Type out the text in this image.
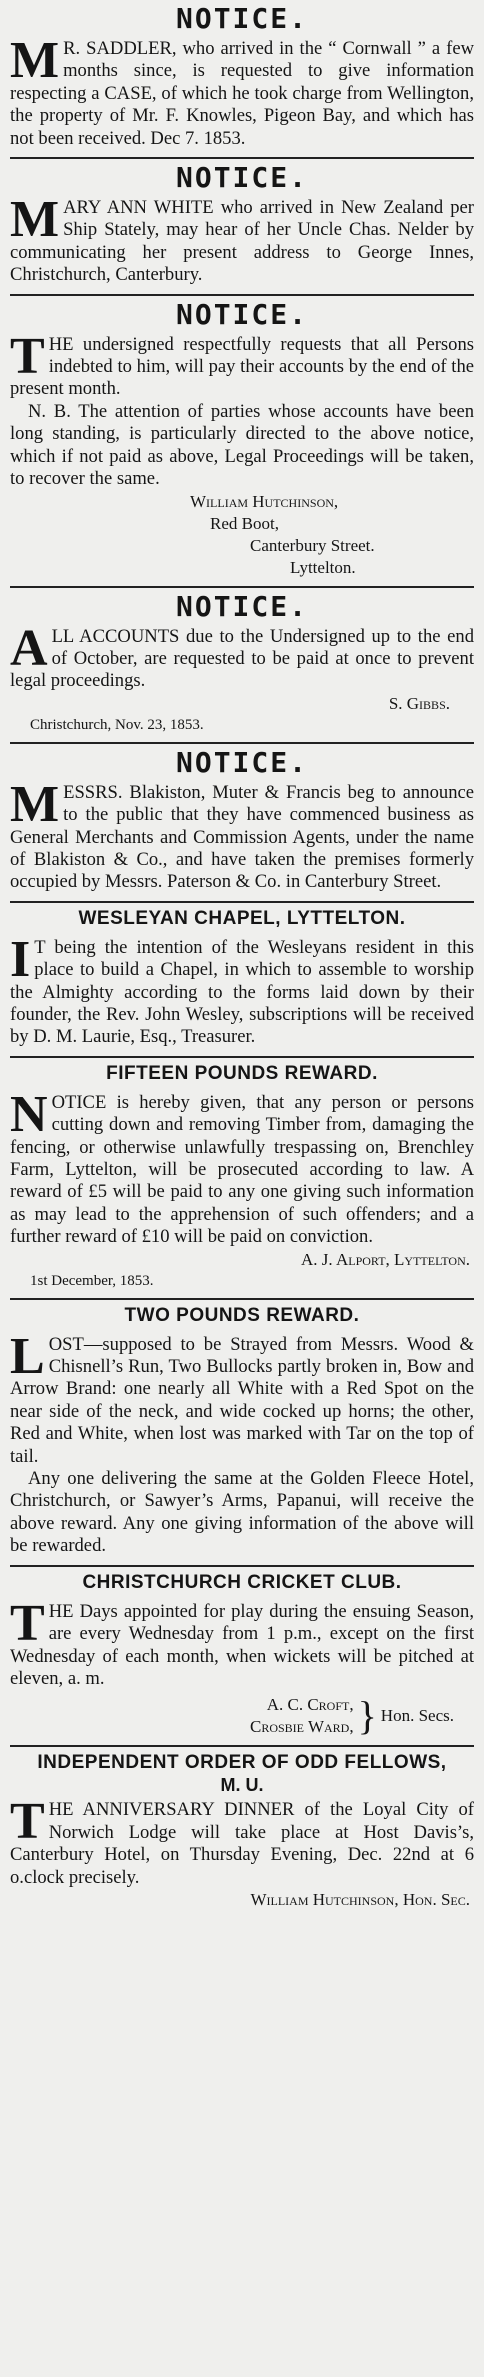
NOTICE.
M R. SADDLER, who arrived in the “ Cornwall ” a few months since, is requested to give information respecting a CASE, of which he took charge from Wellington, the property of Mr. F. Knowles, Pigeon Bay, and which has not been received. Dec 7. 1853.

NOTICE.
M ARY ANN WHITE who arrived in New Zealand per Ship Stately, may hear of her Uncle Chas. Nelder by communicating her present address to George Innes, Christchurch, Canterbury.

NOTICE.
T HE undersigned respectfully requests that all Persons indebted to him, will pay their accounts by the end of the present month.

N. B. The attention of parties whose accounts have been long standing, is particularly directed to the above notice, which if not paid as above, Legal Proceedings will be taken, to recover the same.

William Hutchinson,
Red Boot,
Canterbury Street.
Lyttelton.
NOTICE.
A LL ACCOUNTS due to the Undersigned up to the end of October, are requested to be paid at once to prevent legal proceedings.

S. Gibbs.
Christchurch, Nov. 23, 1853.
NOTICE.
M ESSRS. Blakiston, Muter & Francis beg to announce to the public that they have commenced business as General Merchants and Commission Agents, under the name of Blakiston & Co., and have taken the premises formerly occupied by Messrs. Paterson & Co. in Canterbury Street.

WESLEYAN CHAPEL, LYTTELTON.
I T being the intention of the Wesleyans resident in this place to build a Chapel, in which to assemble to worship the Almighty according to the forms laid down by their founder, the Rev. John Wesley, subscriptions will be received by D. M. Laurie, Esq., Treasurer.

FIFTEEN POUNDS REWARD.
N OTICE is hereby given, that any person or persons cutting down and removing Timber from, damaging the fencing, or otherwise unlawfully trespassing on, Brenchley Farm, Lyttelton, will be prosecuted according to law. A reward of £5 will be paid to any one giving such information as may lead to the apprehension of such offenders; and a further reward of £10 will be paid on conviction.

A. J. Alport, Lyttelton.
1st December, 1853.
TWO POUNDS REWARD.
L OST—supposed to be Strayed from Messrs. Wood & Chisnell’s Run, Two Bullocks partly broken in, Bow and Arrow Brand: one nearly all White with a Red Spot on the near side of the neck, and wide cocked up horns; the other, Red and White, when lost was marked with Tar on the top of tail.

Any one delivering the same at the Golden Fleece Hotel, Christchurch, or Sawyer’s Arms, Papanui, will receive the above reward. Any one giving information of the above will be rewarded.

CHRISTCHURCH CRICKET CLUB.
T HE Days appointed for play during the ensuing Season, are every Wednesday from 1 p.m., except on the first Wednesday of each month, when wickets will be pitched at eleven, a. m.

A. C. Croft,
Crosbie Ward, } Hon. Secs.
INDEPENDENT ORDER OF ODD FELLOWS,
M. U.
T HE ANNIVERSARY DINNER of the Loyal City of Norwich Lodge will take place at Host Davis’s, Canterbury Hotel, on Thursday Evening, Dec. 22nd at 6 o.clock precisely.

William Hutchinson, Hon. Sec.
